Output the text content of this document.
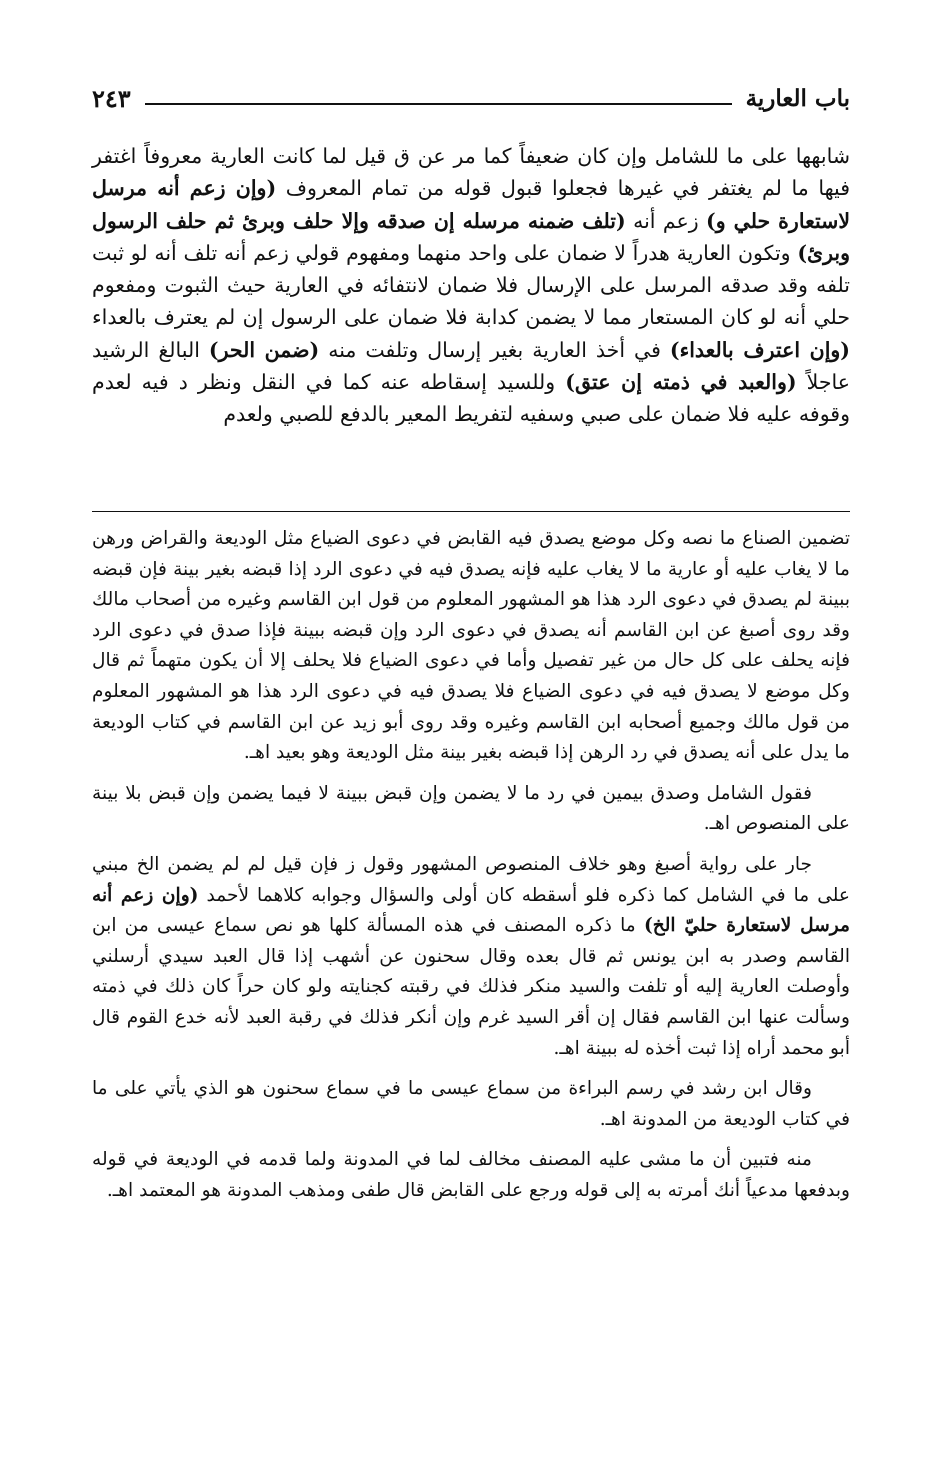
باب العارية
٢٤٣

شابهها على ما للشامل وإن كان ضعيفاً كما مر عن ق قيل لما كانت العارية معروفاً اغتفر فيها ما لم يغتفر في غيرها فجعلوا قبول قوله من تمام المعروف (وإن زعم أنه مرسل لاستعارة حلي و) زعم أنه (تلف ضمنه مرسله إن صدقه وإلا حلف وبرئ ثم حلف الرسول وبرئ) وتكون العارية هدراً لا ضمان على واحد منهما ومفهوم قولي زعم أنه تلف أنه لو ثبت تلفه وقد صدقه المرسل على الإرسال فلا ضمان لانتفائه في العارية حيث الثبوت ومفعوم حلي أنه لو كان المستعار مما لا يضمن كدابة فلا ضمان على الرسول إن لم يعترف بالعداء (وإن اعترف بالعداء) في أخذ العارية بغير إرسال وتلفت منه (ضمن الحر) البالغ الرشيد عاجلاً (والعبد في ذمته إن عتق) وللسيد إسقاطه عنه كما في النقل ونظر د فيه لعدم وقوفه عليه فلا ضمان على صبي وسفيه لتفريط المعير بالدفع للصبي ولعدم

تضمين الصناع ما نصه وكل موضع يصدق فيه القابض في دعوى الضياع مثل الوديعة والقراض ورهن ما لا يغاب عليه أو عارية ما لا يغاب عليه فإنه يصدق فيه في دعوى الرد إذا قبضه بغير بينة فإن قبضه ببينة لم يصدق في دعوى الرد هذا هو المشهور المعلوم من قول ابن القاسم وغيره من أصحاب مالك وقد روى أصبغ عن ابن القاسم أنه يصدق في دعوى الرد وإن قبضه ببينة فإذا صدق في دعوى الرد فإنه يحلف على كل حال من غير تفصيل وأما في دعوى الضياع فلا يحلف إلا أن يكون متهماً ثم قال وكل موضع لا يصدق فيه في دعوى الضياع فلا يصدق فيه في دعوى الرد هذا هو المشهور المعلوم من قول مالك وجميع أصحابه ابن القاسم وغيره وقد روى أبو زيد عن ابن القاسم في كتاب الوديعة ما يدل على أنه يصدق في رد الرهن إذا قبضه بغير بينة مثل الوديعة وهو بعيد اهـ.

فقول الشامل وصدق بيمين في رد ما لا يضمن وإن قبض ببينة لا فيما يضمن وإن قبض بلا بينة على المنصوص اهـ.

جار على رواية أصبغ وهو خلاف المنصوص المشهور وقول ز فإن قيل لم لم يضمن الخ مبني على ما في الشامل كما ذكره فلو أسقطه كان أولى والسؤال وجوابه كلاهما لأحمد (وإن زعم أنه مرسل لاستعارة حليّ الخ) ما ذكره المصنف في هذه المسألة كلها هو نص سماع عيسى من ابن القاسم وصدر به ابن يونس ثم قال بعده وقال سحنون عن أشهب إذا قال العبد سيدي أرسلني وأوصلت العارية إليه أو تلفت والسيد منكر فذلك في رقبته كجنايته ولو كان حراً كان ذلك في ذمته وسألت عنها ابن القاسم فقال إن أقر السيد غرم وإن أنكر فذلك في رقبة العبد لأنه خدع القوم قال أبو محمد أراه إذا ثبت أخذه له ببينة اهـ.

وقال ابن رشد في رسم البراءة من سماع عيسى ما في سماع سحنون هو الذي يأتي على ما في كتاب الوديعة من المدونة اهـ.

منه فتبين أن ما مشى عليه المصنف مخالف لما في المدونة ولما قدمه في الوديعة في قوله وبدفعها مدعياً أنك أمرته به إلى قوله ورجع على القابض قال طفى ومذهب المدونة هو المعتمد اهـ.
